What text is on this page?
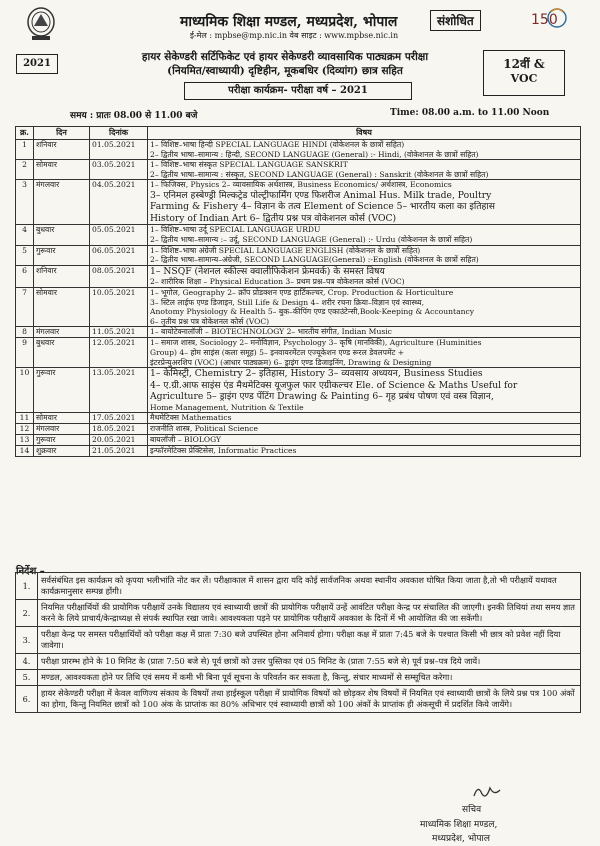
150
माध्यमिक शिक्षा मण्डल, मध्यप्रदेश, भोपाल	संशोधित
ई-मेल : mpbse@mp.nic.in वेब साइट : www.mpbse.nic.in
2021
हायर सेकेण्डरी सर्टिफिकेट एवं हायर सेकेण्डरी व्यावसायिक पाठ्यक्रम परीक्षा
(नियमित/स्वाध्यायी) दृष्टिहीन, मूकबधिर (दिव्यांग) छात्र सहित	12वीं &
VOC
परीक्षा कार्यक्रम- परीक्षा वर्ष – 2021
समय : प्रातः 08.00 से 11.00 बजे	Time: 08.00 a.m. to 11.00 Noon
क्र.	दिन	दिनांक	विषय
1	शनिवार	01.05.2021	1– विशिष्ट–भाषा हिन्दी SPECIAL LANGUAGE HINDI (वोकेशनल के छात्रों सहित)
2– द्वितीय भाषा–सामान्य : हिन्दी, SECOND LANGUAGE (General) :- Hindi, (वोकेशनल के छात्रों सहित)

2	सोमवार	03.05.2021	1– विशिष्ट–भाषा संस्कृत SPECIAL LANGUAGE SANSKRIT
2– द्वितीय भाषा–सामान्य : संस्कृत, SECOND LANGUAGE (General) : Sanskrit (वोकेशनल के छात्रों सहित)

3	मंगलवार	04.05.2021	1– फिजिक्स, Physics 2– व्यावसायिक अर्थशास्त्र, Business Economics/ अर्थशास्त्र, Economics
3– एनिमल हस्बेण्ड्री मिल्कट्रेड पोल्ट्रीफार्मिंग एण्ड फिशरीज Animal Hus. Milk trade, Poultry
Farming & Fishery 4– विज्ञान के तत्व Element of Science 5– भारतीय कला का इतिहास
History of Indian Art 6– द्वितीय प्रश्न पत्र वोकेशनल कोर्स (VOC)

4	बुधवार	05.05.2021	1– विशिष्ट–भाषा उर्दू SPECIAL LANGUAGE URDU
2– द्वितीय भाषा–सामान्य :– उर्दू, SECOND LANGUAGE (General) :- Urdu (वोकेशनल के छात्रों सहित)

5	गुरूवार	06.05.2021	1– विशिष्ट–भाषा अंग्रेजी SPECIAL LANGUAGE ENGLISH (वोकेशनल के छात्रों सहित)
2– द्वितीय भाषा–सामान्य–अंग्रेजी, SECOND LANGUAGE(General) :-English (वोकेशनल के छात्रों सहित)

6	शनिवार	08.05.2021	1– NSQF (नेशनल स्कील्स क्वालीफिकेशन फ्रेमवर्क) के समस्त विषय
2– शारीरिक शिक्षा – Physical Education 3– प्रथम प्रश्न–पत्र वोकेशनल कोर्स (VOC)

7	सोमवार	10.05.2021	1– भूगोल, Geography 2– क्रॉप प्रोडक्शन एण्ड हार्टिकल्चर, Crop. Production & Horticulture
3– स्टिल लाईफ एण्ड डिजाइन, Still Life & Design 4– शरीर रचना क्रिया–विज्ञान एवं स्वास्थ्य,
Anotomy Physiology & Health 5– बुक–कीपिंग एण्ड एकाउंटेन्सी,Book-Keeping & Accountancy
6– तृतीय प्रश्न पत्र वोकेशनल कोर्स (VOC)

8	मंगलवार	11.05.2021	1– बायोटेक्नालॉजी – BIOTECHNOLOGY 2– भारतीय संगीत, Indian Music

9	बुधवार	12.05.2021	1– समाज शास्त्र, Sociology 2– मनोविज्ञान, Psychology 3– कृषि (मानविकी), Agriculture (Huminities
Group) 4– होम साइंस (कला समूह) 5– इनवायरमेंटल एज्यूकेशन एण्ड रूरल डेवलपमेंट +
इंटरप्रेन्युअरशिप (VOC) (आधार पाठ्यक्रम) 6– ड्राइंग एण्ड डिजाइनिंग, Drawing & Designing

10	गुरूवार	13.05.2021	1– केमिस्ट्री, Chemistry 2– इतिहास, History 3– व्यवसाय अध्ययन, Business Studies
4– ए.ग्री.आफ साइंस एंड मैथमेटिक्स यूजफुल फार एग्रीकल्चर Ele. of Science & Maths Useful for
Agriculture 5– ड्राइंग एण्ड पेंटिंग Drawing & Painting 6– गृह प्रबंध पोषण एवं वस्त्र विज्ञान,
Home Management, Nutrition & Textile

11	सोमवार	17.05.2021	मैथमेटिक्स Mathematics

12	मंगलवार	18.05.2021	राजनीति शास्त्र, Political Science

13	गुरूवार	20.05.2021	बायलॉजी – BIOLOGY

14	शुक्रवार	21.05.2021	इन्फॉरमेटिक्स प्रेक्टिसेस, Informatic Practices
निर्देश –
1.	सर्वसंबंधित इस कार्यक्रम को कृपया भलीभांति नोट कर लें। परीक्षाकाल में शासन द्वारा यदि कोई सार्वजनिक अथवा स्थानीय अवकाश घोषित किया जाता है,तो भी परीक्षायें यथावत कार्यक्रमानुसार सम्पन्न होंगी।
2.	नियमित परीक्षार्थियों की प्रायोगिक परीक्षायें उनके विद्यालय एवं स्वाध्यायी छात्रों की प्रायोगिक परीक्षायें उन्हें आवंटित परीक्षा केन्द्र पर संचालित की जाएगी। इनकी तिथियां तथा समय ज्ञात करने के लिये प्राचार्य/केन्द्राध्यक्ष से संपर्क स्थापित रखा जावे। आवश्यकता पड़ने पर प्रायोगिक परीक्षायें अवकाश के दिनों में भी आयोजित की जा सकेंगी।
3.	परीक्षा केन्द्र पर समस्त परीक्षार्थियों को परीक्षा कक्ष में प्रातः 7:30 बजे उपस्थित होना अनिवार्य होगा। परीक्षा कक्ष में प्रातः 7:45 बजे के पश्चात किसी भी छात्र को प्रवेश नहीं दिया जावेगा।
4.	परीक्षा प्रारम्भ होने के 10 मिनिट के (प्रातः 7:50 बजे से) पूर्व छात्रों को उत्तर पुस्तिका एवं 05 मिनिट के (प्रातः 7:55 बजे से) पूर्व प्रश्न–पत्र दिये जायें।
5.	मण्डल, आवश्यकता होने पर तिथि एवं समय में कमी भी बिना पूर्व सूचना के परिवर्तन कर सकता है, किन्तु, संचार माध्यमों से सम्सूचित करेगा।
6.	हायर सेकेण्डरी परीक्षा में केवल वाणिज्य संकाय के विषयों तथा हाईस्कूल परीक्षा में प्रायोगिक विषयों को छोड़कर शेष विषयों में नियमित एवं स्वाध्यायी छात्रों के लिये प्रश्न पत्र 100 अंकों का होगा, किन्तु नियमित छात्रों को 100 अंक के प्राप्तांक का 80% अधिभार एवं स्वाध्यायी छात्रों को 100 अंकों के प्राप्तांक ही अंकसूची में प्रदर्शित किये जायेंगे।
सचिव
माध्यमिक शिक्षा मण्डल,
मध्यप्रदेश, भोपाल
